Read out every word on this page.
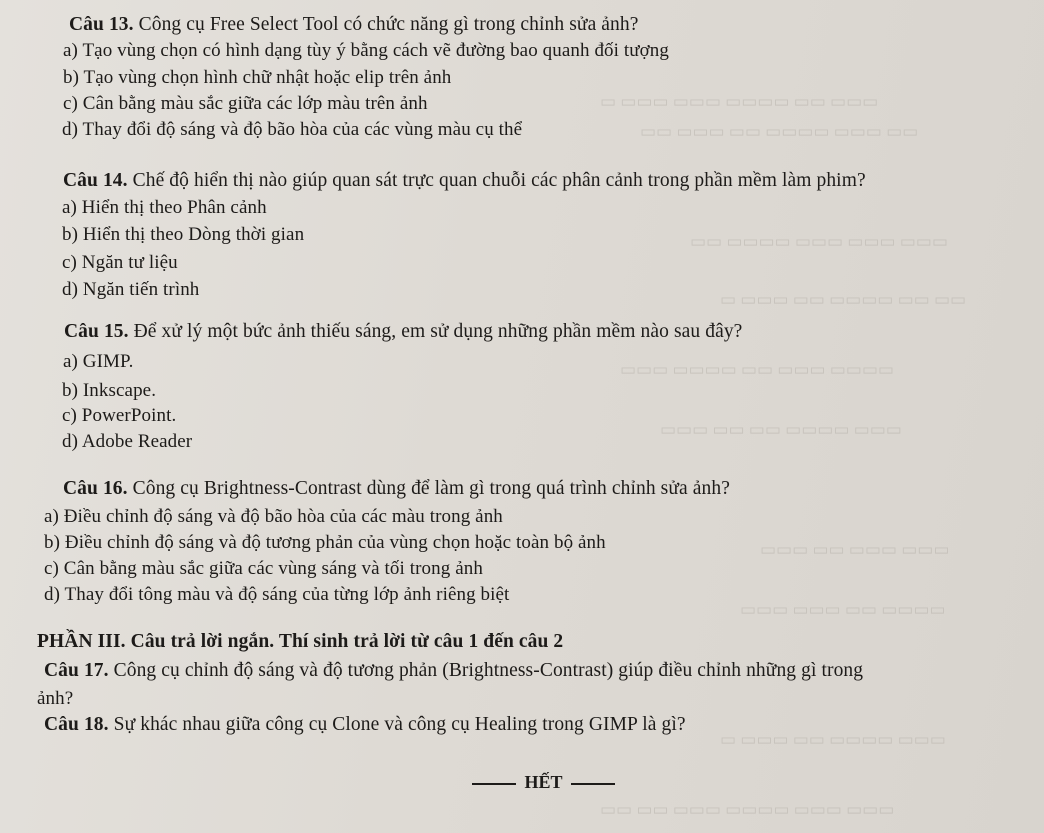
▭▭▭ ▭▭ ▭▭▭▭ ▭▭▭ ▭▭▭ ▭
▭▭ ▭▭▭ ▭▭▭▭ ▭▭ ▭▭▭ ▭▭
▭▭▭ ▭▭▭ ▭▭▭ ▭▭▭▭ ▭▭
▭▭ ▭▭ ▭▭▭▭ ▭▭ ▭▭▭ ▭
▭▭▭▭ ▭▭▭ ▭▭ ▭▭▭▭ ▭▭▭
▭▭▭ ▭▭▭▭ ▭▭ ▭▭ ▭▭▭
▭▭▭ ▭▭▭ ▭▭ ▭▭▭
▭▭▭▭ ▭▭ ▭▭▭ ▭▭▭
▭▭▭ ▭▭▭▭ ▭▭ ▭▭▭ ▭
▭▭▭ ▭▭▭ ▭▭▭▭ ▭▭▭ ▭▭ ▭▭
Câu 13. Công cụ Free Select Tool có chức năng gì trong chỉnh sửa ảnh?
a) Tạo vùng chọn có hình dạng tùy ý bằng cách vẽ đường bao quanh đối tượng
b) Tạo vùng chọn hình chữ nhật hoặc elip trên ảnh
c) Cân bằng màu sắc giữa các lớp màu trên ảnh
d) Thay đổi độ sáng và độ bão hòa của các vùng màu cụ thể
Câu 14. Chế độ hiển thị nào giúp quan sát trực quan chuỗi các phân cảnh trong phần mềm làm phim?
a) Hiển thị theo Phân cảnh
b) Hiển thị theo Dòng thời gian
c) Ngăn tư liệu
d) Ngăn tiến trình
Câu 15. Để xử lý một bức ảnh thiếu sáng, em sử dụng những phần mềm nào sau đây?
a) GIMP.
b) Inkscape.
c) PowerPoint.
d) Adobe Reader
Câu 16. Công cụ Brightness-Contrast dùng để làm gì trong quá trình chỉnh sửa ảnh?
a) Điều chỉnh độ sáng và độ bão hòa của các màu trong ảnh
b) Điều chỉnh độ sáng và độ tương phản của vùng chọn hoặc toàn bộ ảnh
c) Cân bằng màu sắc giữa các vùng sáng và tối trong ảnh
d) Thay đổi tông màu và độ sáng của từng lớp ảnh riêng biệt
PHẦN III. Câu trả lời ngắn. Thí sinh trả lời từ câu 1 đến câu 2
Câu 17. Công cụ chỉnh độ sáng và độ tương phản (Brightness-Contrast) giúp điều chỉnh những gì trong
ảnh?
Câu 18. Sự khác nhau giữa công cụ Clone và công cụ Healing trong GIMP là gì?
HẾT
